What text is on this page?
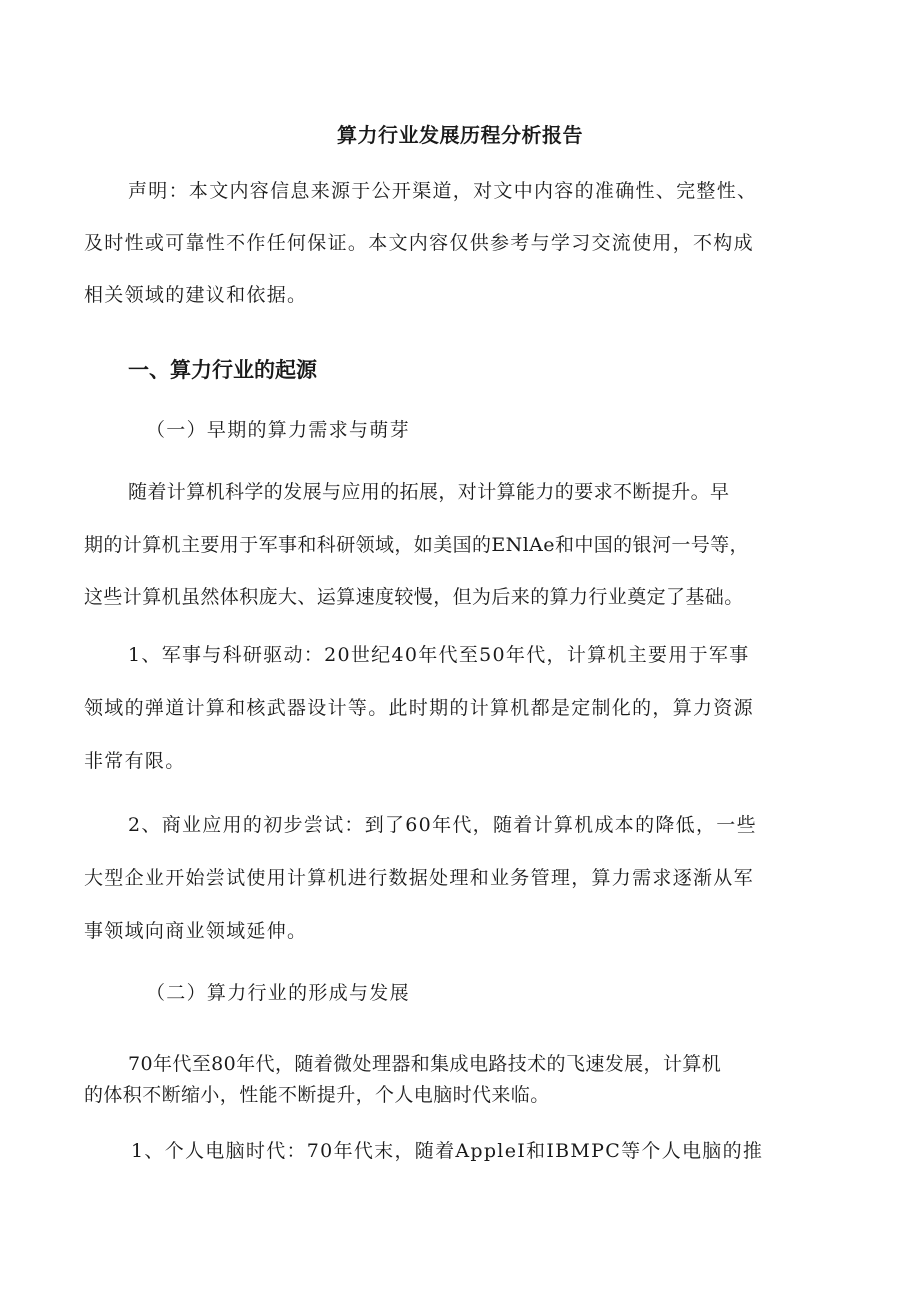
算力行业发展历程分析报告
声明：本文内容信息来源于公开渠道，对文中内容的准确性、完整性、
及时性或可靠性不作任何保证。本文内容仅供参考与学习交流使用，不构成
相关领域的建议和依据。
一、算力行业的起源
（一）早期的算力需求与萌芽
随着计算机科学的发展与应用的拓展，对计算能力的要求不断提升。早
期的计算机主要用于军事和科研领域，如美国的ENlAe和中国的银河一号等，
这些计算机虽然体积庞大、运算速度较慢，但为后来的算力行业奠定了基础。
1、军事与科研驱动：20世纪40年代至50年代，计算机主要用于军事
领域的弹道计算和核武器设计等。此时期的计算机都是定制化的，算力资源
非常有限。
2、商业应用的初步尝试：到了60年代，随着计算机成本的降低，一些
大型企业开始尝试使用计算机进行数据处理和业务管理，算力需求逐渐从军
事领域向商业领域延伸。
（二）算力行业的形成与发展
70年代至80年代，随着微处理器和集成电路技术的飞速发展，计算机
的体积不断缩小，性能不断提升，个人电脑时代来临。
1、个人电脑时代：70年代末，随着AppleI和IBMPC等个人电脑的推
